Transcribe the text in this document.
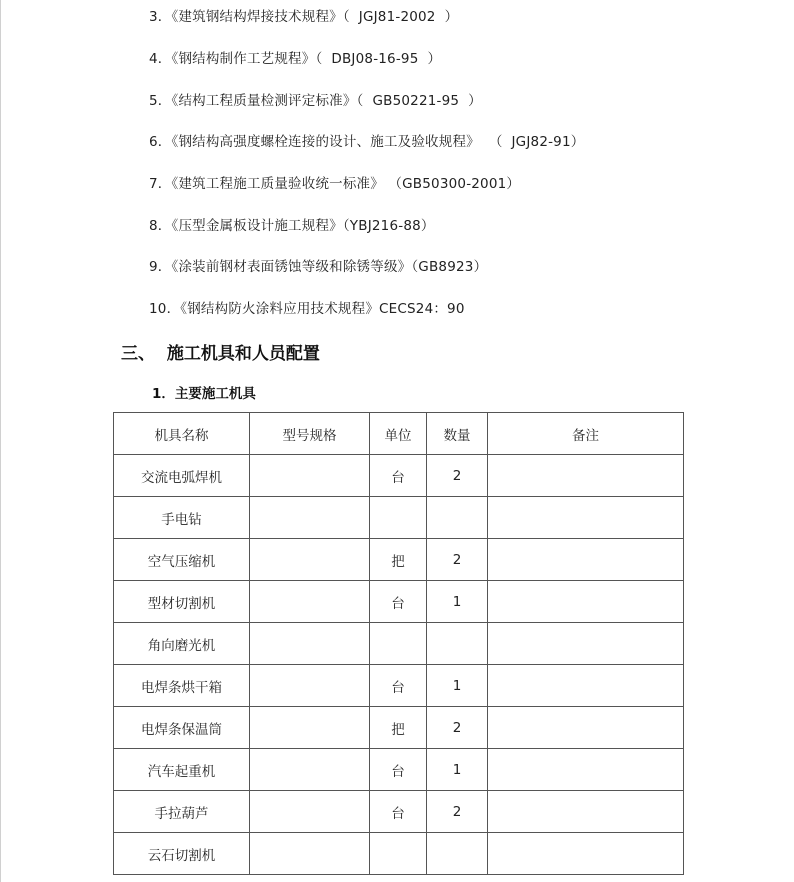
3．《建筑钢结构焊接技术规程》（  JGJ81-2002  ）
4．《钢结构制作工艺规程》（  DBJ08-16-95  ）
5．《结构工程质量检测评定标准》（  GB50221-95  ）
6．《钢结构高强度螺栓连接的设计、施工及验收规程》  （  JGJ82-91）
7．《建筑工程施工质量验收统一标准》 （GB50300-2001）
8．《压型金属板设计施工规程》（YBJ216-88）
9．《涂装前钢材表面锈蚀等级和除锈等级》（GB8923）
10．《钢结构防火涂料应用技术规程》CECS24：90
三、  施工机具和人员配置
1．主要施工机具
机具名称	型号规格	单位	数量	备注
交流电弧焊机		台	2	
手电钻				
空气压缩机		把	2	
型材切割机		台	1	
角向磨光机				
电焊条烘干箱		台	1	
电焊条保温筒		把	2	
汽车起重机		台	1	
手拉葫芦		台	2	
云石切割机				
